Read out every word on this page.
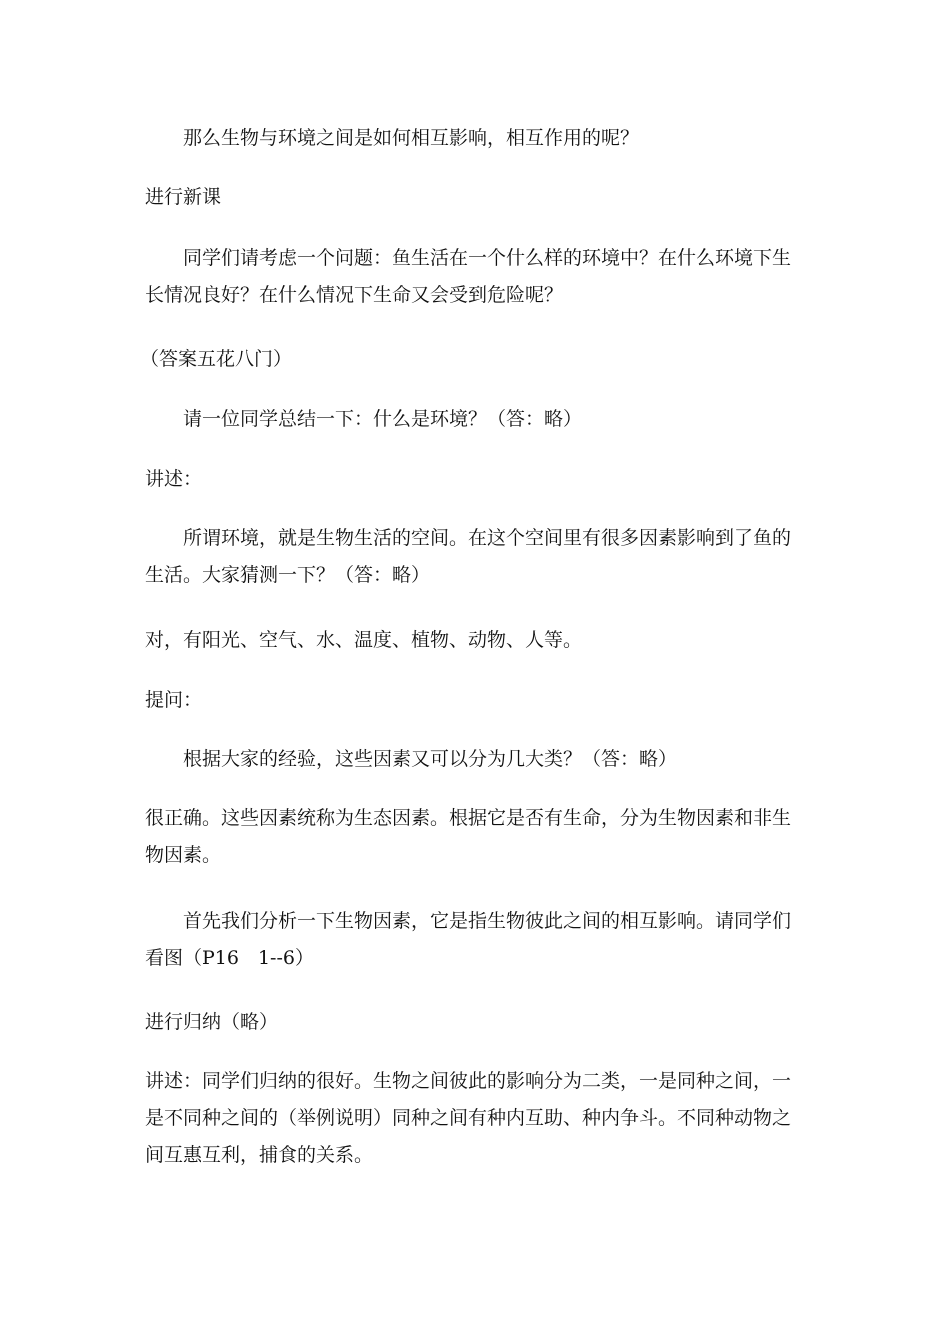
那么生物与环境之间是如何相互影响，相互作用的呢？

进行新课

同学们请考虑一个问题：鱼生活在一个什么样的环境中？在什么环境下生长情况良好？在什么情况下生命又会受到危险呢？

（答案五花八门）

请一位同学总结一下：什么是环境？（答：略）

讲述：

所谓环境，就是生物生活的空间。在这个空间里有很多因素影响到了鱼的生活。大家猜测一下？（答：略）

对，有阳光、空气、水、温度、植物、动物、人等。

提问：

根据大家的经验，这些因素又可以分为几大类？（答：略）

很正确。这些因素统称为生态因素。根据它是否有生命，分为生物因素和非生物因素。

首先我们分析一下生物因素，它是指生物彼此之间的相互影响。请同学们看图（P16　1--6）

进行归纳（略）

讲述：同学们归纳的很好。生物之间彼此的影响分为二类，一是同种之间，一是不同种之间的（举例说明）同种之间有种内互助、种内争斗。不同种动物之间互惠互利，捕食的关系。
